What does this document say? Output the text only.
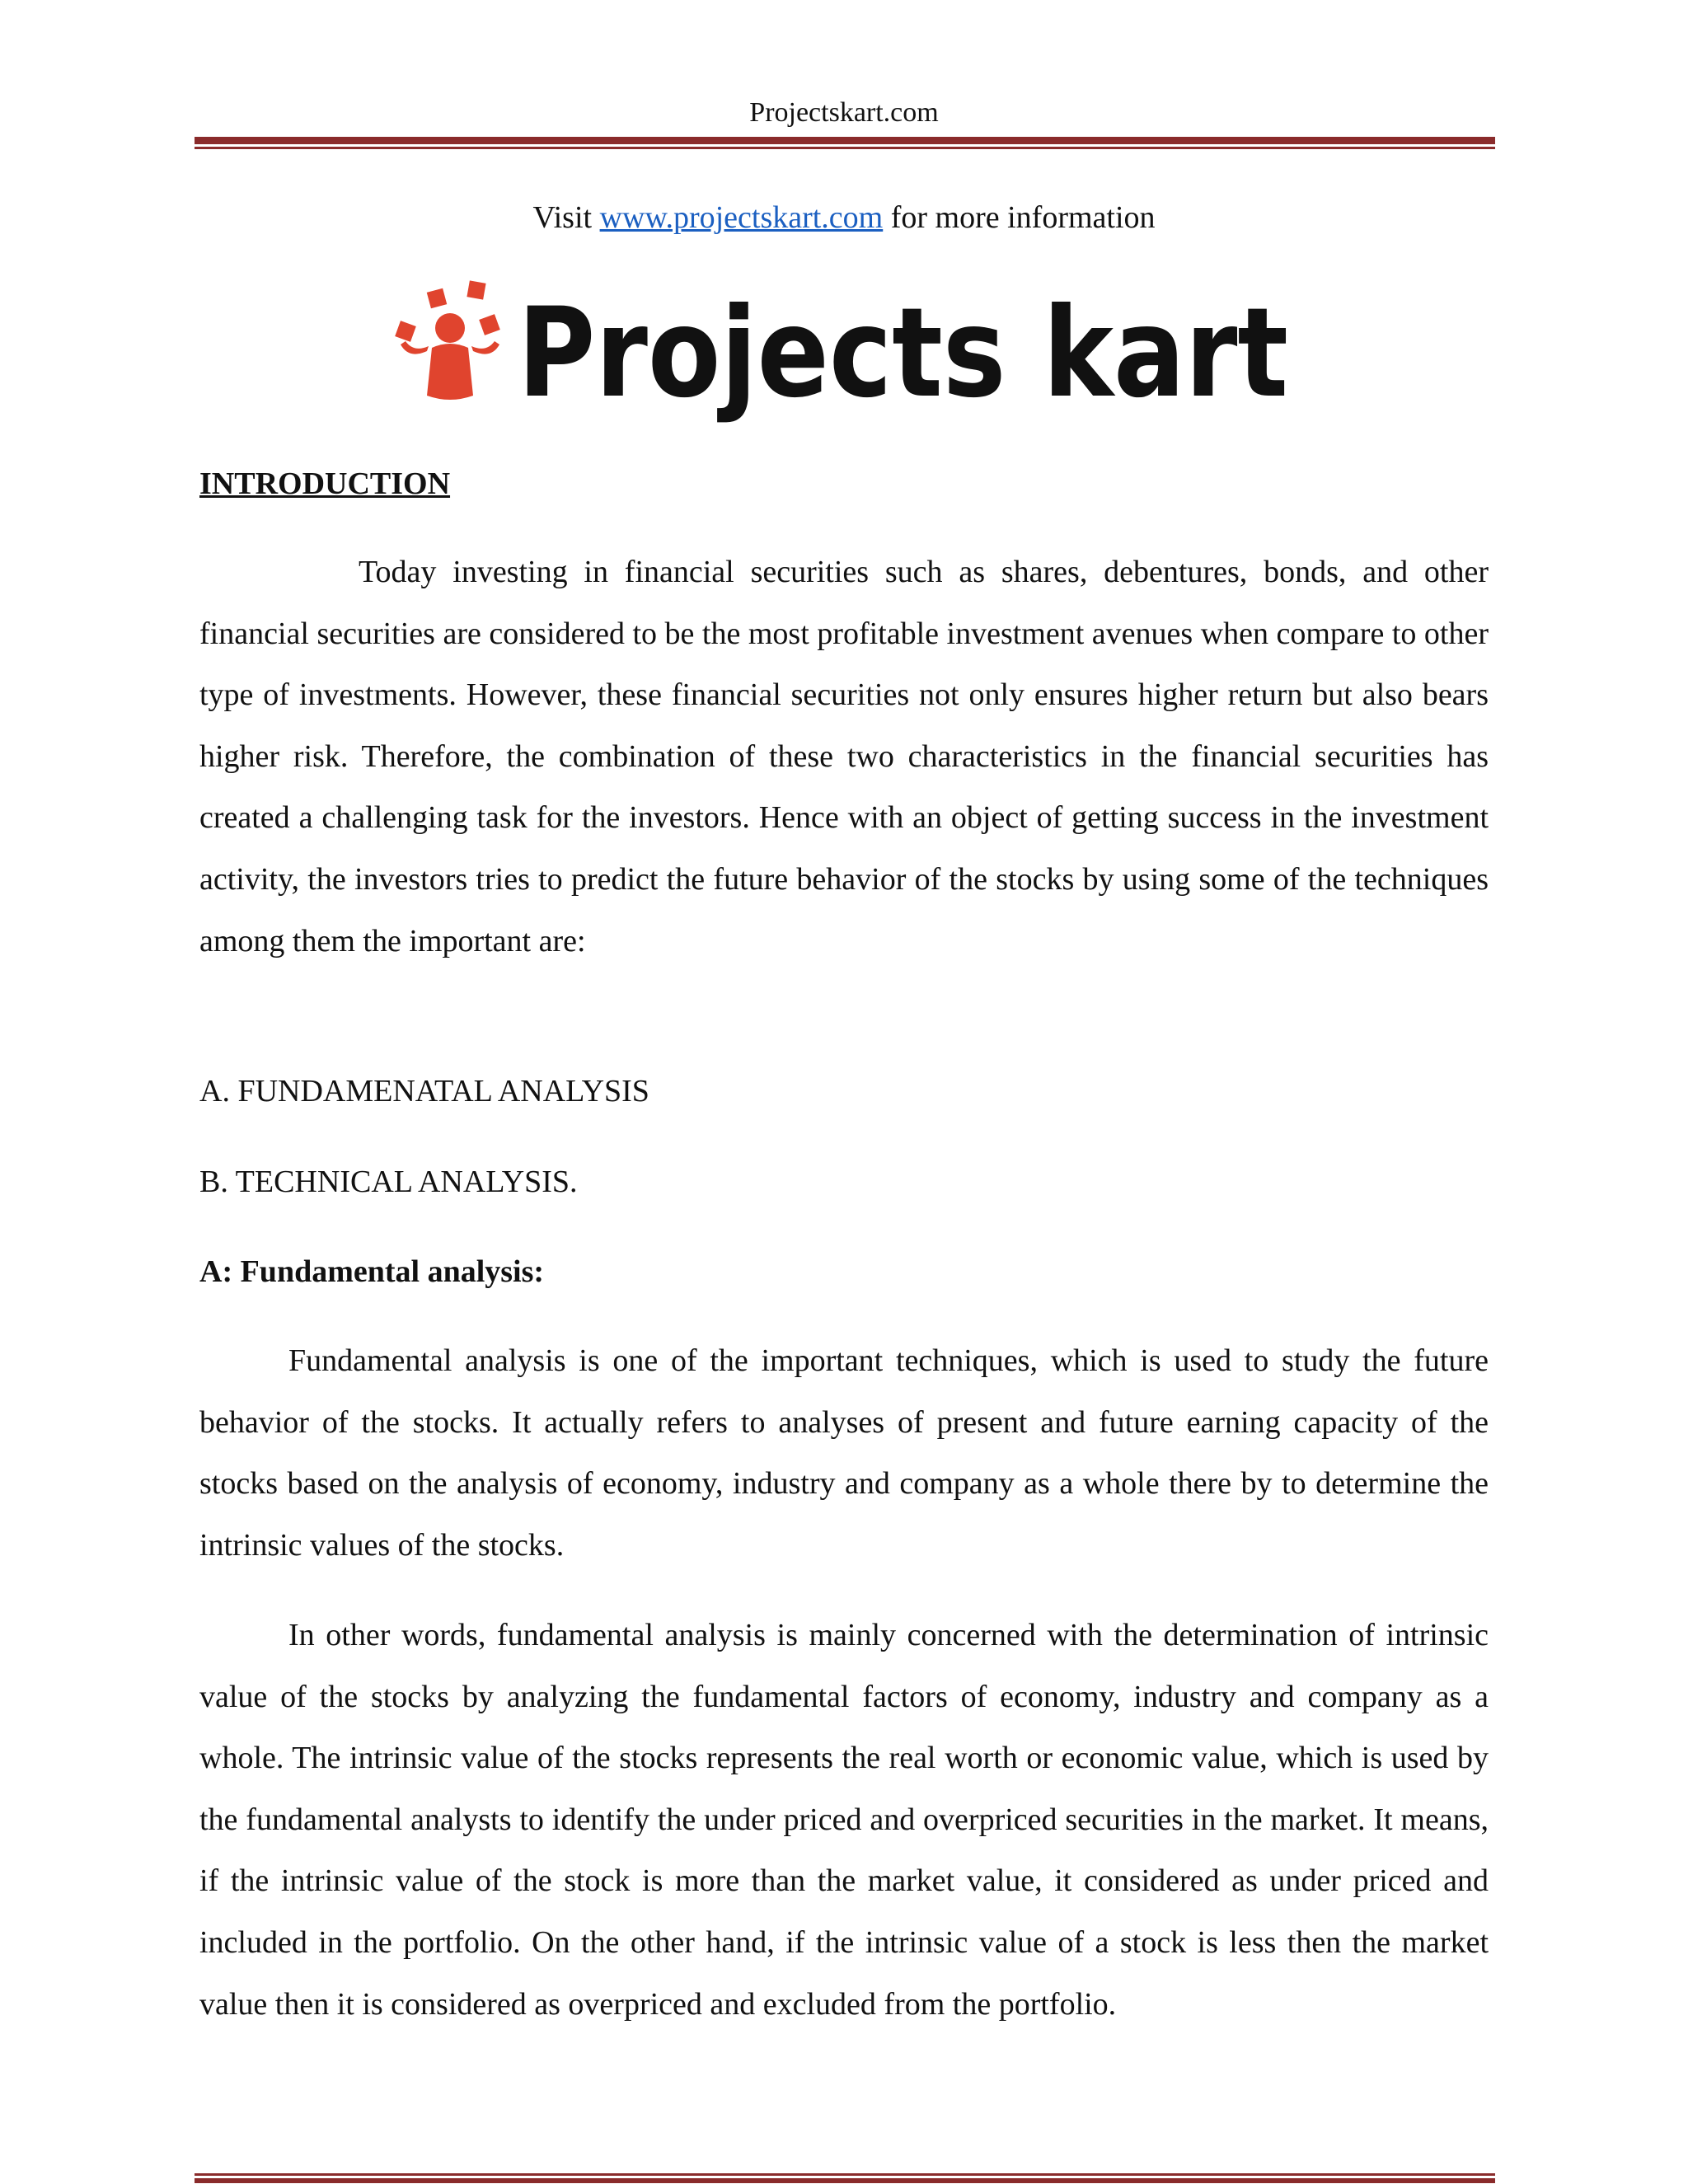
Projectskart.com
Visit www.projectskart.com for more information
Projects kart

INTRODUCTION

Today investing in financial securities such as shares, debentures, bonds, and other financial securities are considered to be the most profitable investment avenues when compare to other type of investments. However, these financial securities not only ensures higher return but also bears higher risk. Therefore, the combination of these two characteristics in the financial securities has created a challenging task for the investors. Hence with an object of getting success in the investment activity, the investors tries to predict the future behavior of the stocks by using some of the techniques among them the important are:

A. FUNDAMENATAL ANALYSIS

B. TECHNICAL ANALYSIS.

A: Fundamental analysis:

Fundamental analysis is one of the important techniques, which is used to study the future behavior of the stocks. It actually refers to analyses of present and future earning capacity of the stocks based on the analysis of economy, industry and company as a whole there by to determine the intrinsic values of the stocks.

In other words, fundamental analysis is mainly concerned with the determination of intrinsic value of the stocks by analyzing the fundamental factors of economy, industry and company as a whole. The intrinsic value of the stocks represents the real worth or economic value, which is used by the fundamental analysts to identify the under priced and overpriced securities in the market. It means, if the intrinsic value of the stock is more than the market value, it considered as under priced and included in the portfolio. On the other hand, if the intrinsic value of a stock is less then the market value then it is considered as overpriced and excluded from the portfolio.
